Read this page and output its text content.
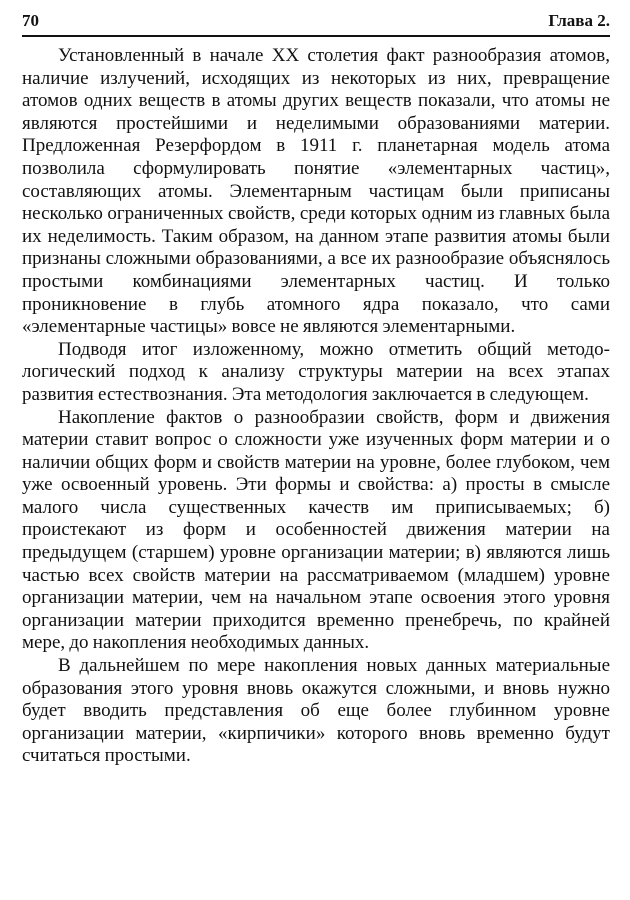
70	Глава 2.

Установленный в начале XX столетия факт разнообразия атомов, наличие излучений, исходящих из некоторых из них, превращение атомов одних веществ в атомы других веществ показали, что атомы не являются простейшими и неделимыми образованиями материи. Предложенная Резерфордом в 1911 г. планетарная модель атома позволила сформулировать понятие «элементарных частиц», составляющих атомы. Элементарным частицам были приписаны несколько ограниченных свойств, среди которых одним из главных была их неделимость. Таким образом, на данном этапе развития атомы были признаны сложными образованиями, а все их разнообразие объяснялось простыми комбинациями элементарных частиц. И только проникновение в глубь атомного ядра показало, что сами «элементарные частицы» вовсе не являются элементарными.

Подводя итог изложенному, можно отметить общий методологический подход к анализу структуры материи на всех этапах развития естествознания. Эта методология заключается в следующем.

Накопление фактов о разнообразии свойств, форм и движения материи ставит вопрос о сложности уже изученных форм материи и о наличии общих форм и свойств материи на уровне, более глубоком, чем уже освоенный уровень. Эти формы и свойства: а) просты в смысле малого числа существенных качеств им приписываемых; б) проистекают из форм и особенностей движения материи на предыдущем (старшем) уровне организации материи; в) являются лишь частью всех свойств материи на рассматриваемом (младшем) уровне организации материи, чем на начальном этапе освоения этого уровня организации материи приходится временно пренебречь, по крайней мере, до накопления необходимых данных.

В дальнейшем по мере накопления новых данных материальные образования этого уровня вновь окажутся сложными, и вновь нужно будет вводить представления об еще более глубинном уровне организации материи, «кирпичики» которого вновь временно будут считаться простыми.
